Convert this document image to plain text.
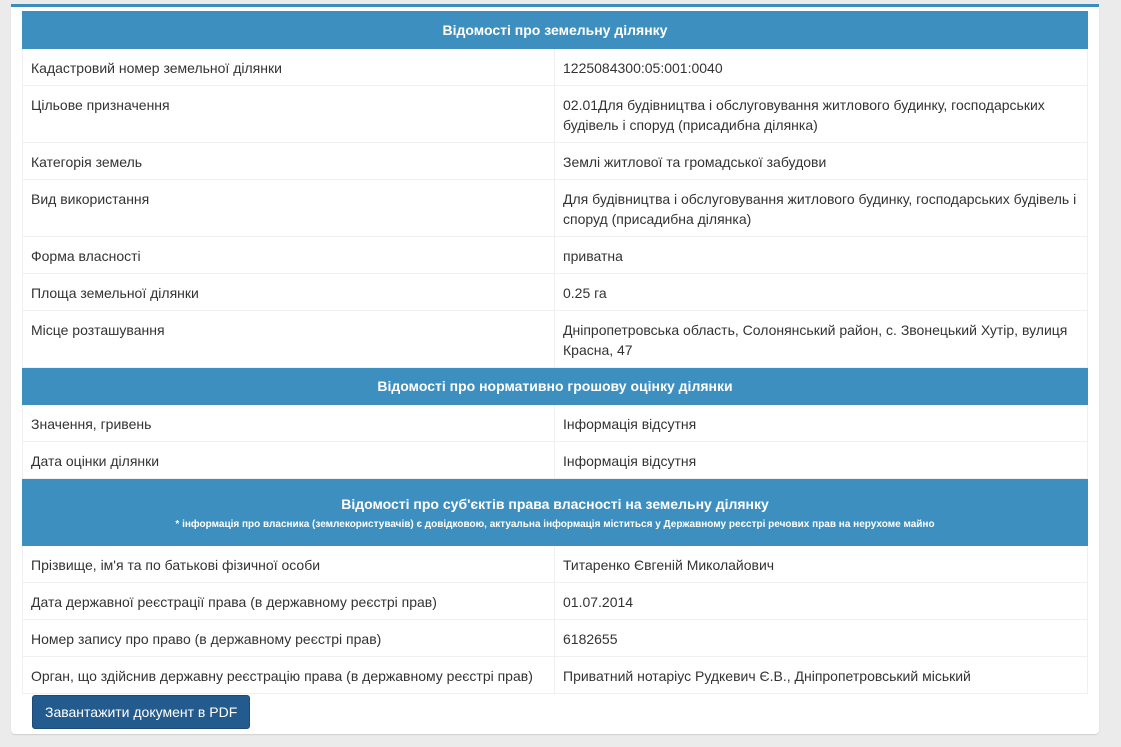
Відомості про земельну ділянку	
Кадастровий номер земельної ділянки	1225084300:05:001:0040
Цільове призначення	02.01Для будівництва і обслуговування житлового будинку, господарських будівель і споруд (присадибна ділянка)
Категорія земель	Землі житлової та громадської забудови
Вид використання	Для будівництва і обслуговування житлового будинку, господарських будівель і споруд (присадибна ділянка)
Форма власності	приватна
Площа земельної ділянки	0.25 га
Місце розташування	Дніпропетровська область, Солонянський район, с. Звонецький Хутір, вулиця Красна, 47
Відомості про нормативно грошову оцінку ділянки	
Значення, гривень	Інформація відсутня
Дата оцінки ділянки	Інформація відсутня
Відомості про суб'єктів права власності на земельну ділянку
* інформація про власника (землекористувачів) є довідковою, актуальна інформація міститься у Державному реєстрі речових прав на нерухоме майно	

Прізвище, ім'я та по батькові фізичної особи	Титаренко Євгеній Миколайович
Дата державної реєстрації права (в державному реєстрі прав)	01.07.2014
Номер запису про право (в державному реєстрі прав)	6182655
Орган, що здійснив державну реєстрацію права (в державному реєстрі прав)	Приватний нотаріус Рудкевич Є.В., Дніпропетровський міський
Завантажити документ в PDF
